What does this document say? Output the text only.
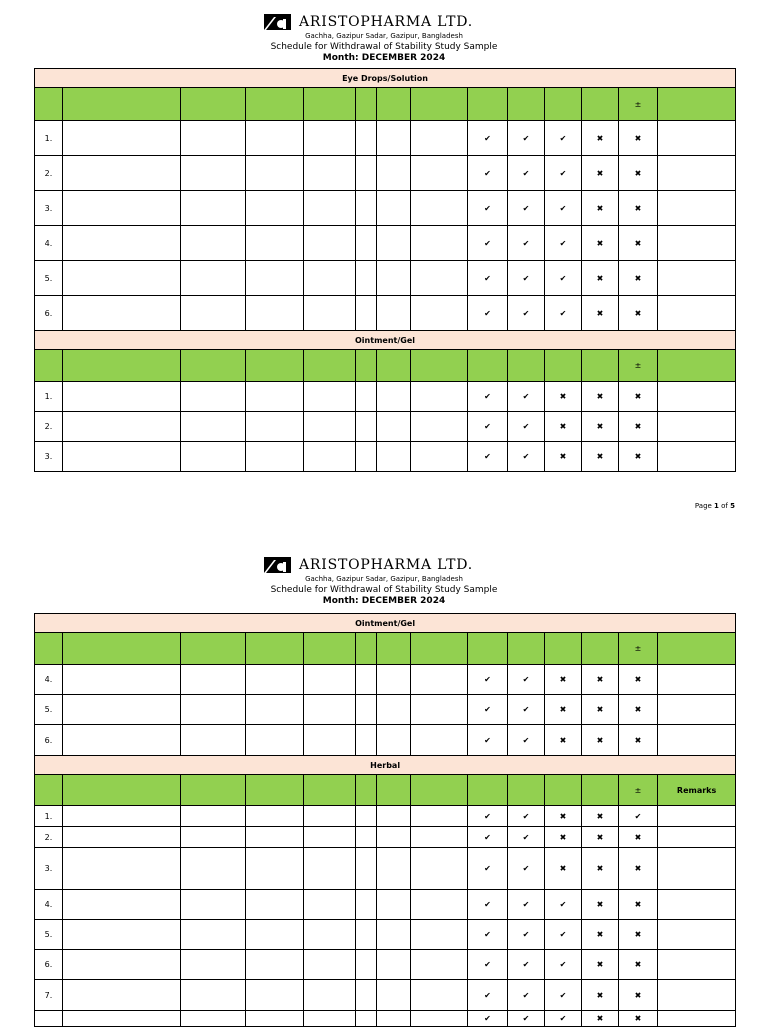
ARISTOPHARMA LTD.
Gachha, Gazipur Sadar, Gazipur, Bangladesh
Schedule for Withdrawal of Stability Study Sample
Month: DECEMBER 2024
Eye Drops/Solution													
												±	
1.								✔	✔	✔	✖	✖	
2.								✔	✔	✔	✖	✖	
3.								✔	✔	✔	✖	✖	
4.								✔	✔	✔	✖	✖	
5.								✔	✔	✔	✖	✖	
6.								✔	✔	✔	✖	✖	
Ointment/Gel													
												±	
1.								✔	✔	✖	✖	✖	
2.								✔	✔	✖	✖	✖	
3.								✔	✔	✖	✖	✖	
Page 1 of 5
ARISTOPHARMA LTD.
Gachha, Gazipur Sadar, Gazipur, Bangladesh
Schedule for Withdrawal of Stability Study Sample
Month: DECEMBER 2024
Ointment/Gel													
												±	
4.								✔	✔	✖	✖	✖	
5.								✔	✔	✖	✖	✖	
6.								✔	✔	✖	✖	✖	
Herbal													
												±	Remarks
1.								✔	✔	✖	✖	✔	
2.								✔	✔	✖	✖	✖	
3.								✔	✔	✖	✖	✖	
4.								✔	✔	✔	✖	✖	
5.								✔	✔	✔	✖	✖	
6.								✔	✔	✔	✖	✖	
7.								✔	✔	✔	✖	✖	
								✔	✔	✔	✖	✖	
